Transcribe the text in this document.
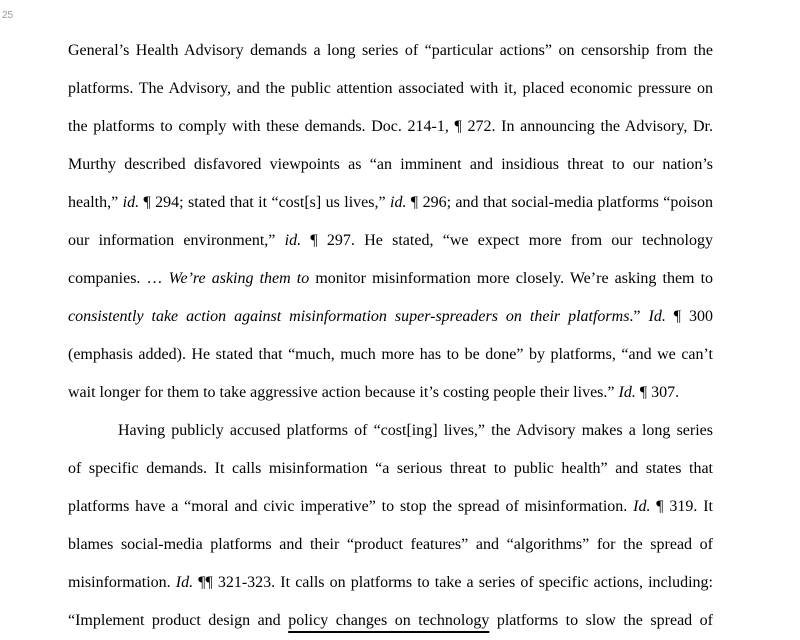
25
General’s Health Advisory demands a long series of “particular actions” on censorship from the
platforms. The Advisory, and the public attention associated with it, placed economic pressure on
the platforms to comply with these demands. Doc. 214-1, ¶ 272. In announcing the Advisory, Dr.
Murthy described disfavored viewpoints as “an imminent and insidious threat to our nation’s
health,” id. ¶ 294; stated that it “cost[s] us lives,” id. ¶ 296; and that social-media platforms “poison
our information environment,” id. ¶ 297. He stated, “we expect more from our technology
companies. … We’re asking them to monitor misinformation more closely. We’re asking them to
consistently take action against misinformation super-spreaders on their platforms.” Id. ¶ 300
(emphasis added). He stated that “much, much more has to be done” by platforms, “and we can’t
wait longer for them to take aggressive action because it’s costing people their lives.” Id. ¶ 307.
Having publicly accused platforms of “cost[ing] lives,” the Advisory makes a long series
of specific demands. It calls misinformation “a serious threat to public health” and states that
platforms have a “moral and civic imperative” to stop the spread of misinformation. Id. ¶ 319. It
blames social-media platforms and their “product features” and “algorithms” for the spread of
misinformation. Id. ¶¶ 321-323. It calls on platforms to take a series of specific actions, including:
“Implement product design and policy changes on technology platforms to slow the spread of
